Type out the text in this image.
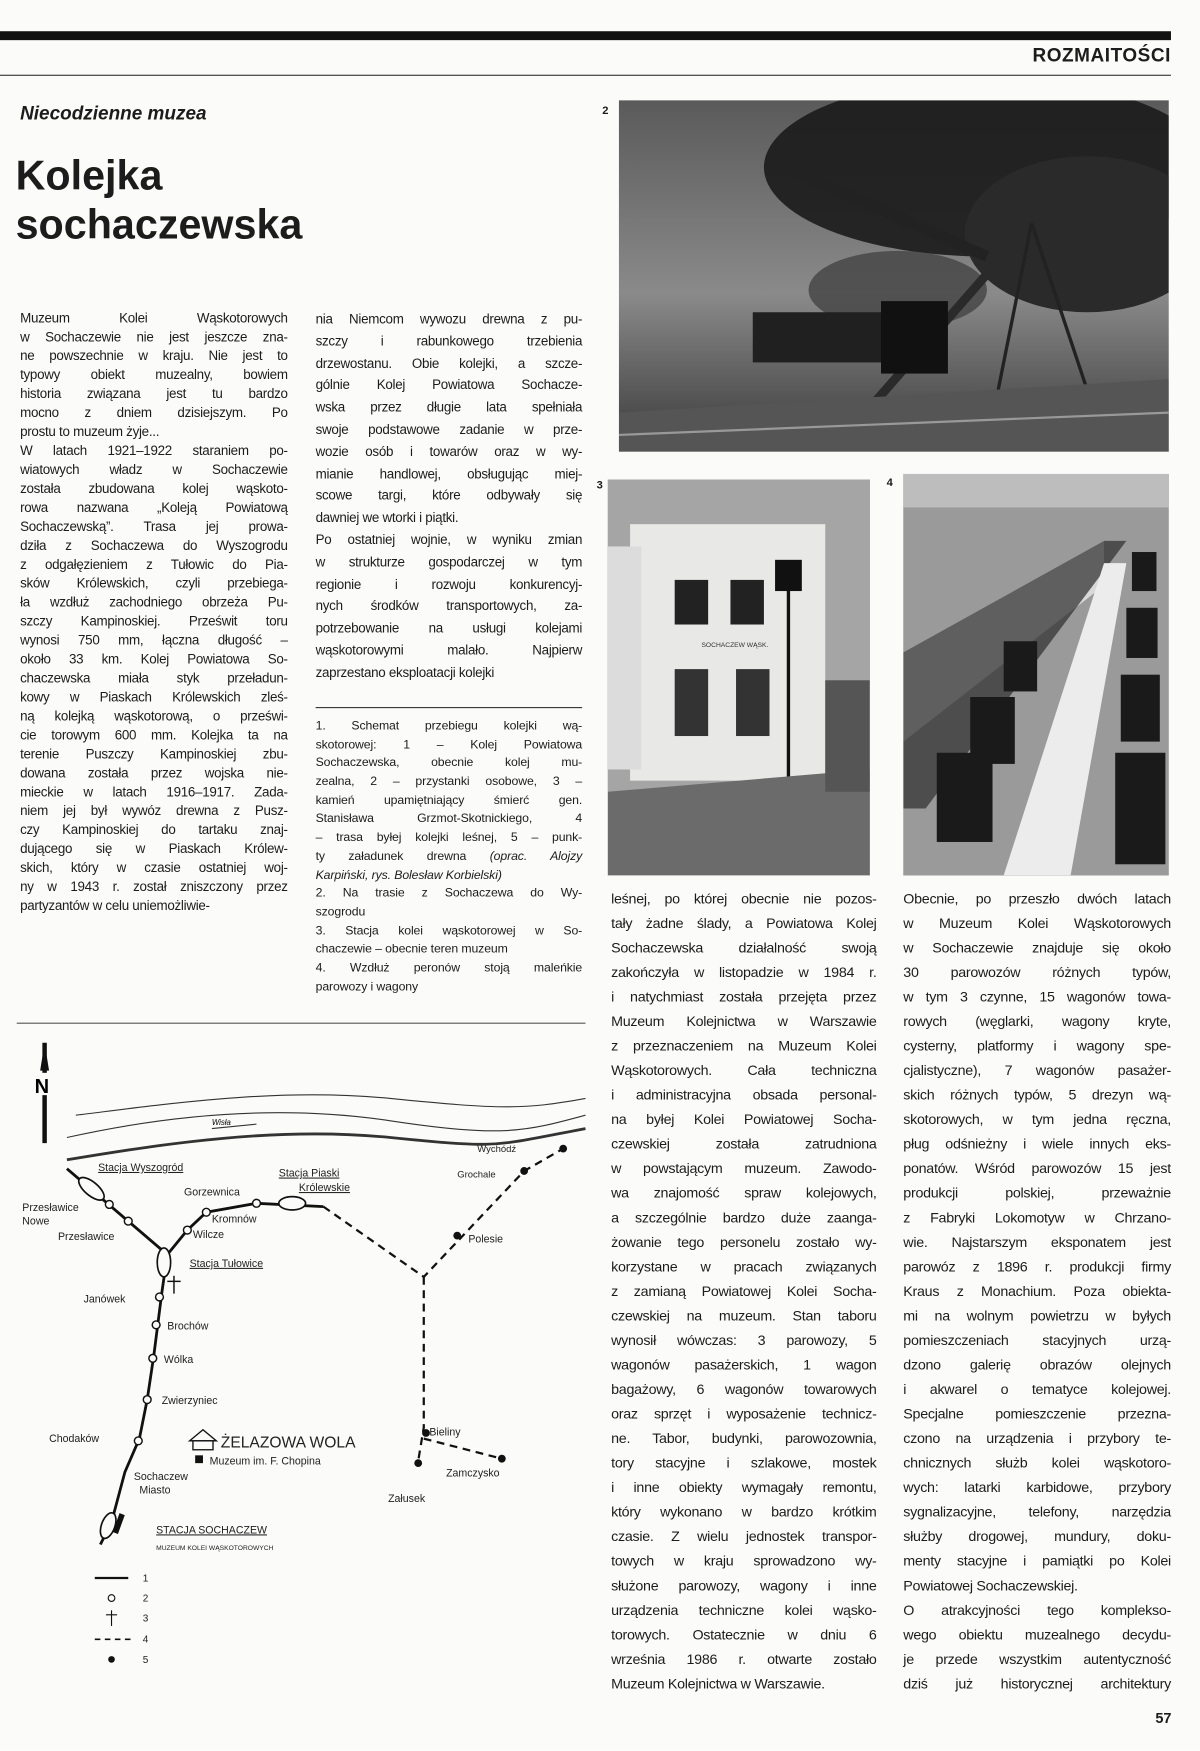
ROZMAITOŚCI
Niecodzienne muzea
Kolejka
sochaczewska
Muzeum Kolei Wąskotorowych
w Sochaczewie nie jest jeszcze zna-
ne powszechnie w kraju. Nie jest to
typowy obiekt muzealny, bowiem
historia związana jest tu bardzo
mocno z dniem dzisiejszym. Po
prostu to muzeum żyje...
W latach 1921–1922 staraniem po-
wiatowych władz w Sochaczewie
została zbudowana kolej wąskoto-
rowa nazwana „Koleją Powiatową
Sochaczewską”. Trasa jej prowa-
dziła z Sochaczewa do Wyszogrodu
z odgałęzieniem z Tułowic do Pia-
sków Królewskich, czyli przebiega-
ła wzdłuż zachodniego obrzeża Pu-
szczy Kampinoskiej. Prześwit toru
wynosi 750 mm, łączna długość –
około 33 km. Kolej Powiatowa So-
chaczewska miała styk przeładun-
kowy w Piaskach Królewskich zleś-
ną kolejką wąskotorową, o prześwi-
cie torowym 600 mm. Kolejka ta na
terenie Puszczy Kampinoskiej zbu-
dowana została przez wojska nie-
mieckie w latach 1916–1917. Zada-
niem jej był wywóz drewna z Pusz-
czy Kampinoskiej do tartaku znaj-
dującego się w Piaskach Królew-
skich, który w czasie ostatniej woj-
ny w 1943 r. został zniszczony przez
partyzantów w celu uniemożliwie-
nia Niemcom wywozu drewna z pu-
szczy i rabunkowego trzebienia
drzewostanu. Obie kolejki, a szcze-
gólnie Kolej Powiatowa Sochacze-
wska przez długie lata spełniała
swoje podstawowe zadanie w prze-
wozie osób i towarów oraz w wy-
mianie handlowej, obsługując miej-
scowe targi, które odbywały się
dawniej we wtorki i piątki.
Po ostatniej wojnie, w wyniku zmian
w strukturze gospodarczej w tym
regionie i rozwoju konkurencyj-
nych środków transportowych, za-
potrzebowanie na usługi kolejami
wąskotorowymi malało. Najpierw
zaprzestano eksploatacji kolejki
leśnej, po której obecnie nie pozos-
tały żadne ślady, a Powiatowa Kolej
Sochaczewska działalność swoją
zakończyła w listopadzie w 1984 r.
i natychmiast została przejęta przez
Muzeum Kolejnictwa w Warszawie
z przeznaczeniem na Muzeum Kolei
Wąskotorowych. Cała techniczna
i administracyjna obsada personal-
na byłej Kolei Powiatowej Socha-
czewskiej została zatrudniona
w powstającym muzeum. Zawodo-
wa znajomość spraw kolejowych,
a szczególnie bardzo duże zaanga-
żowanie tego personelu zostało wy-
korzystane w pracach związanych
z zamianą Powiatowej Kolei Socha-
czewskiej na muzeum. Stan taboru
wynosił wówczas: 3 parowozy, 5
wagonów pasażerskich, 1 wagon
bagażowy, 6 wagonów towarowych
oraz sprzęt i wyposażenie technicz-
ne. Tabor, budynki, parowozownia,
tory stacyjne i szlakowe, mostek
i inne obiekty wymagały remontu,
który wykonano w bardzo krótkim
czasie. Z wielu jednostek transpor-
towych w kraju sprowadzono wy-
służone parowozy, wagony i inne
urządzenia techniczne kolei wąsko-
torowych. Ostatecznie w dniu 6
września 1986 r. otwarte zostało
Muzeum Kolejnictwa w Warszawie.
Obecnie, po przeszło dwóch latach
w Muzeum Kolei Wąskotorowych
w Sochaczewie znajduje się około
30 parowozów różnych typów,
w tym 3 czynne, 15 wagonów towa-
rowych (węglarki, wagony kryte,
cysterny, platformy i wagony spe-
cjalistyczne), 7 wagonów pasażer-
skich różnych typów, 5 drezyn wą-
skotorowych, w tym jedna ręczna,
pług odśnieżny i wiele innych eks-
ponatów. Wśród parowozów 15 jest
produkcji polskiej, przeważnie
z Fabryki Lokomotyw w Chrzano-
wie. Najstarszym eksponatem jest
parowóz z 1896 r. produkcji firmy
Kraus z Monachium. Poza obiekta-
mi na wolnym powietrzu w byłych
pomieszczeniach stacyjnych urzą-
dzono galerię obrazów olejnych
i akwarel o tematyce kolejowej.
Specjalne pomieszczenie przezna-
czono na urządzenia i przybory te-
chnicznych służb kolei wąskotoro-
wych: latarki karbidowe, przybory
sygnalizacyjne, telefony, narzędzia
służby drogowej, mundury, doku-
menty stacyjne i pamiątki po Kolei
Powiatowej Sochaczewskiej.
O atrakcyjności tego komplekso-
wego obiektu muzealnego decydu-
je przede wszystkim autentyczność
dziś już historycznej architektury
1. Schemat przebiegu kolejki wą-
skotorowej: 1 – Kolej Powiatowa
Sochaczewska, obecnie kolej mu-
zealna, 2 – przystanki osobowe, 3 –
kamień upamiętniający śmierć gen.
Stanisława Grzmot-Skotnickiego, 4
– trasa byłej kolejki leśnej, 5 – punk-
ty załadunek drewna (oprac. Alojzy
Karpiński, rys. Bolesław Korbielski)
2. Na trasie z Sochaczewa do Wy-
szogrodu
3. Stacja kolei wąskotorowej w So-
chaczewie – obecnie teren muzeum
4. Wzdłuż peronów stoją maleńkie
parowozy i wagony
2
3
SOCHACZEW WĄSK.
4
N
Wisła
Stacja Wyszogród	Stacja Piaski
Królewskie
Stacja Tułowice
STACJA SOCHACZEW
MUZEUM KOLEI WĄSKOTOROWYCH
Przesławice
Nowe
Przesławice
Gorzewnica
Kromnów
Wilcze
Janówek
Brochów
Wólka
Zwierzyniec
Chodaków
Sochaczew
Miasto
ŻELAZOWA WOLA
Muzeum im. F. Chopina
Wychódź
Grochale
Polesie
Bieliny
Zamczysko
Załusek
1
2
3
4
5
57
